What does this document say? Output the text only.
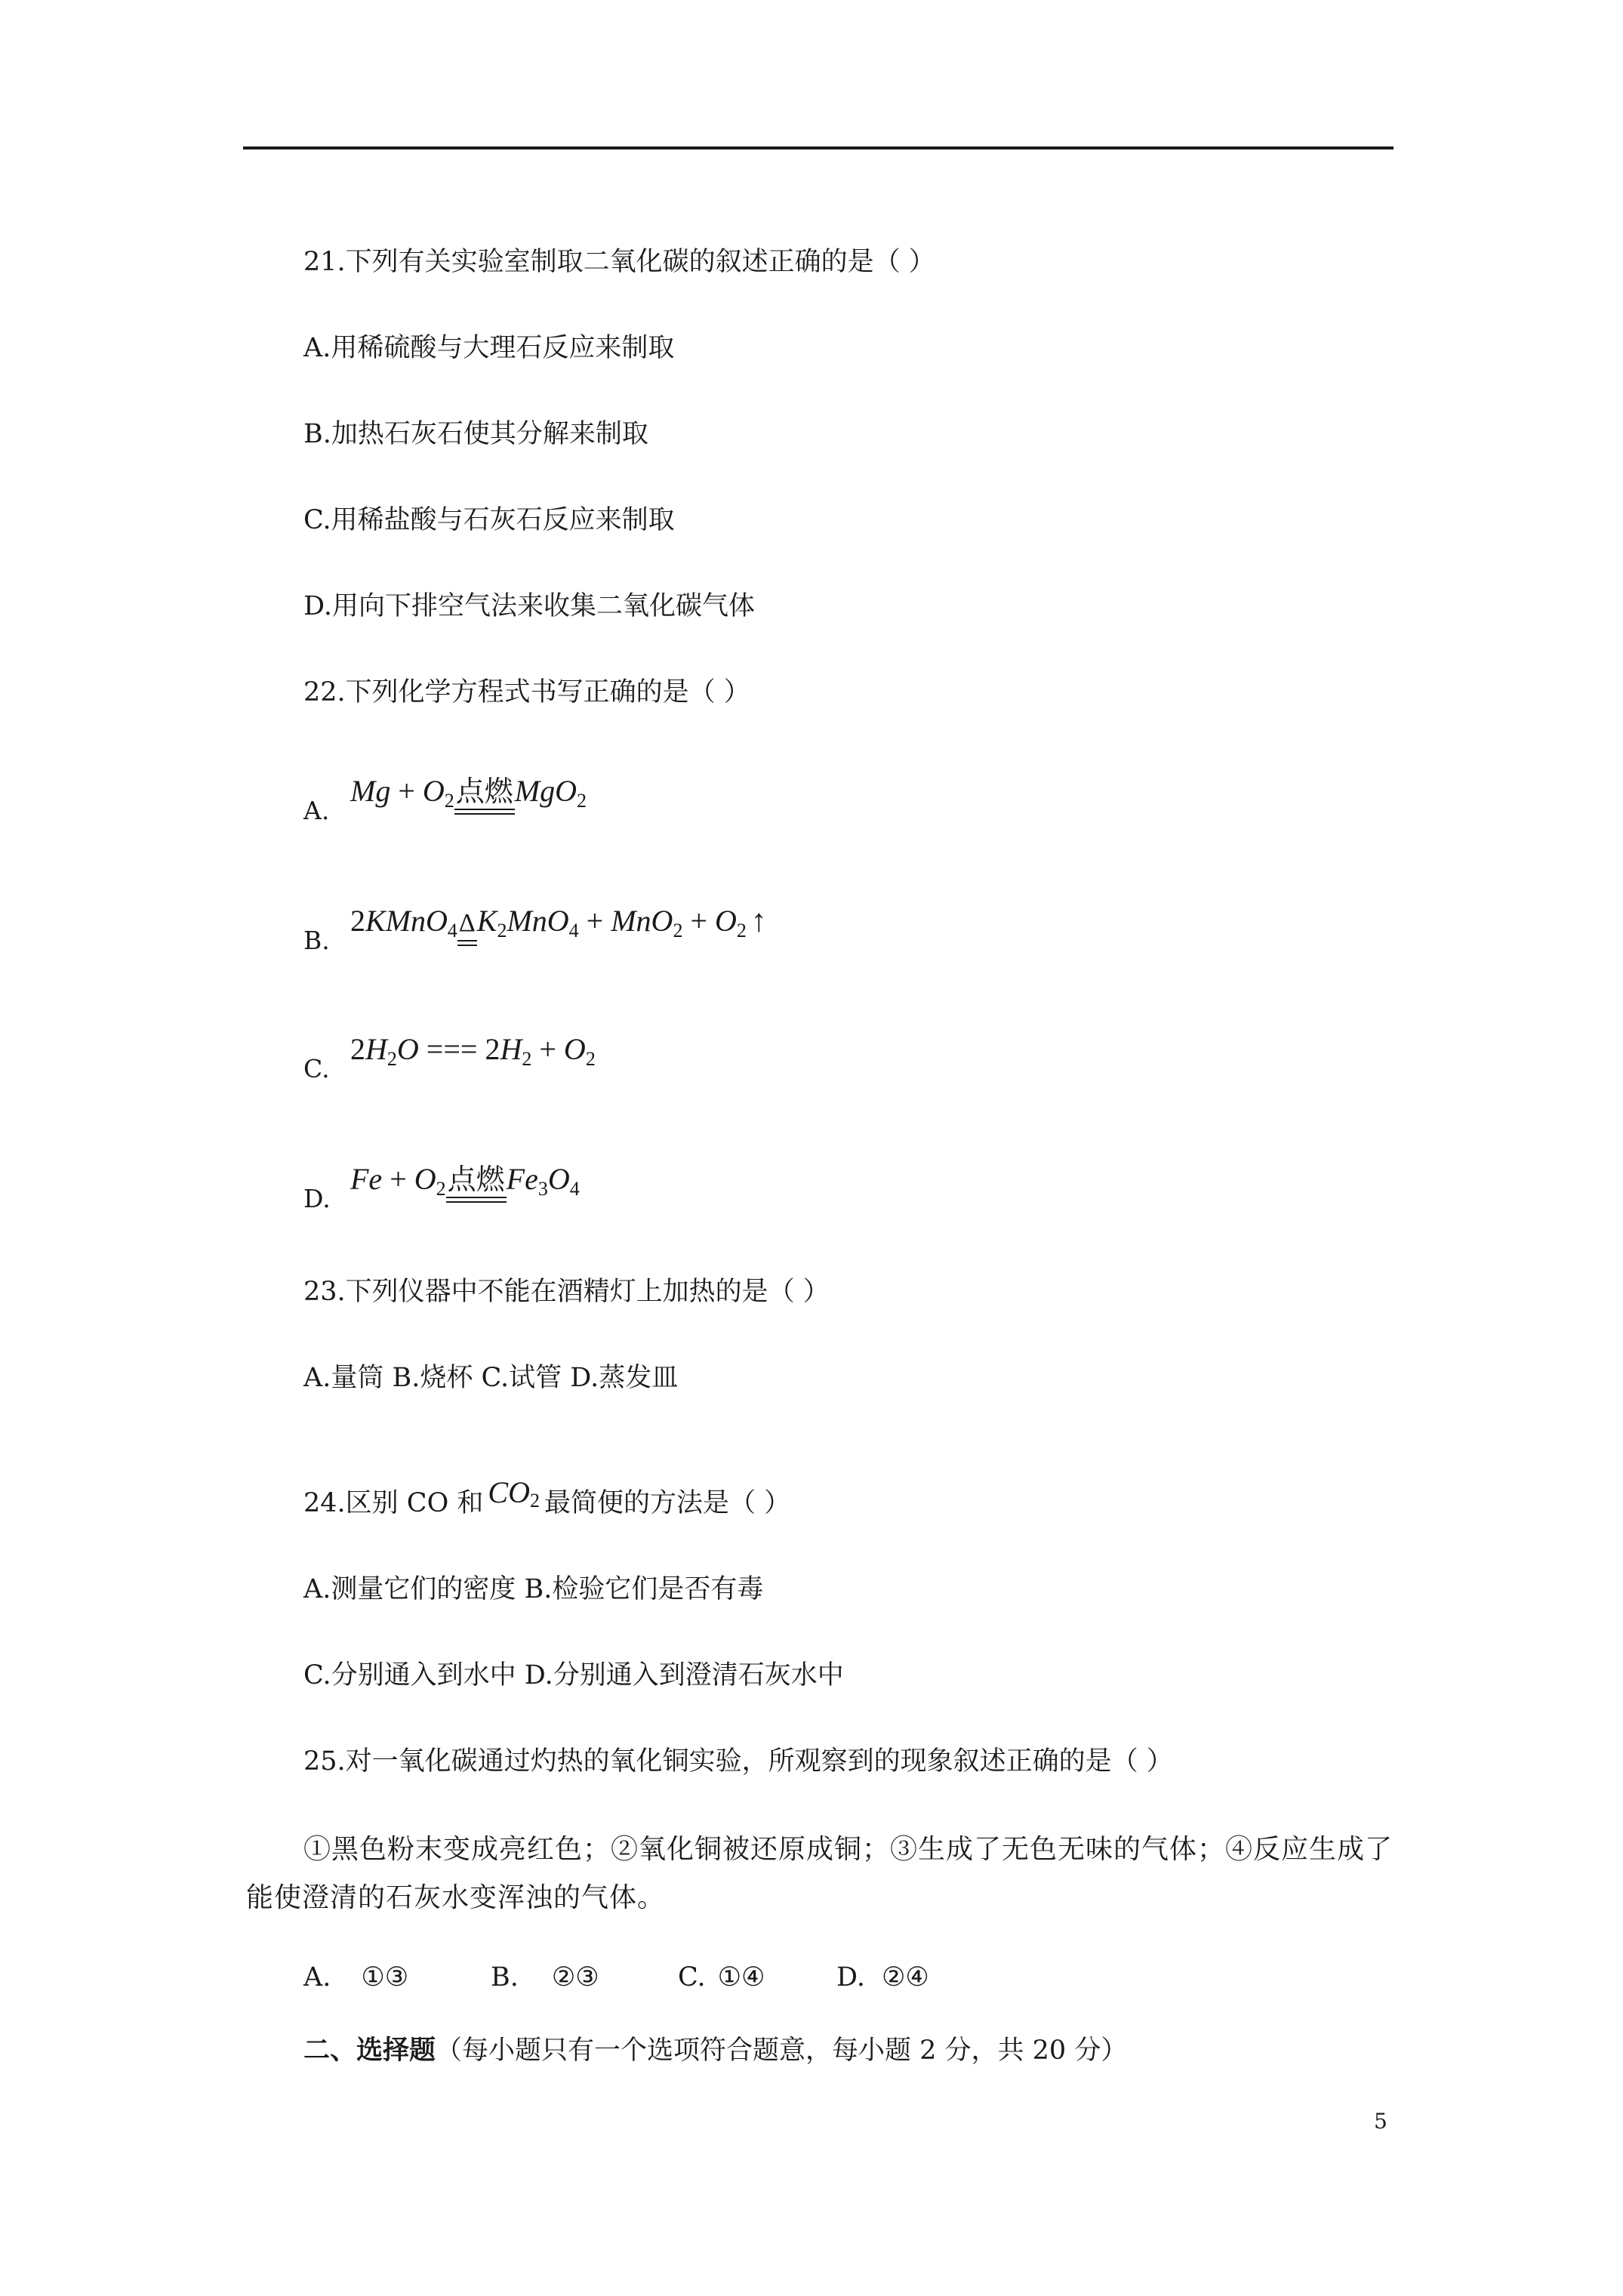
21.下列有关实验室制取二氧化碳的叙述正确的是（ ）
A.用稀硫酸与大理石反应来制取
B.加热石灰石使其分解来制取
C.用稀盐酸与石灰石反应来制取
D.用向下排空气法来收集二氧化碳气体
22.下列化学方程式书写正确的是（ ）
A.
$Mg + O_2$点燃MgO$_2$
B.
$2KMnO_4\Delta K_2MnO_4 + MnO_2 + O_2$ ↑
C.
$2H_2O$ === $2H_2 + O_2$
D.
$Fe + O_2$点燃$Fe_3O_4$
23.下列仪器中不能在酒精灯上加热的是（ ）
A.量筒 B.烧杯 C.试管 D.蒸发皿
24.区别 CO 和 $CO_2$ 最简便的方法是（ ）
A.测量它们的密度 B.检验它们是否有毒
C.分别通入到水中 D.分别通入到澄清石灰水中
25.对一氧化碳通过灼热的氧化铜实验，所观察到的现象叙述正确的是（ ）
①黑色粉末变成亮红色；②氧化铜被还原成铜；③生成了无色无味的气体；④反应生成了能使澄清的石灰水变浑浊的气体。
A. ①③	B. ②③	C. ①④	D. ②④
二、选择题（每小题只有一个选项符合题意，每小题 2 分，共 20 分）
5
